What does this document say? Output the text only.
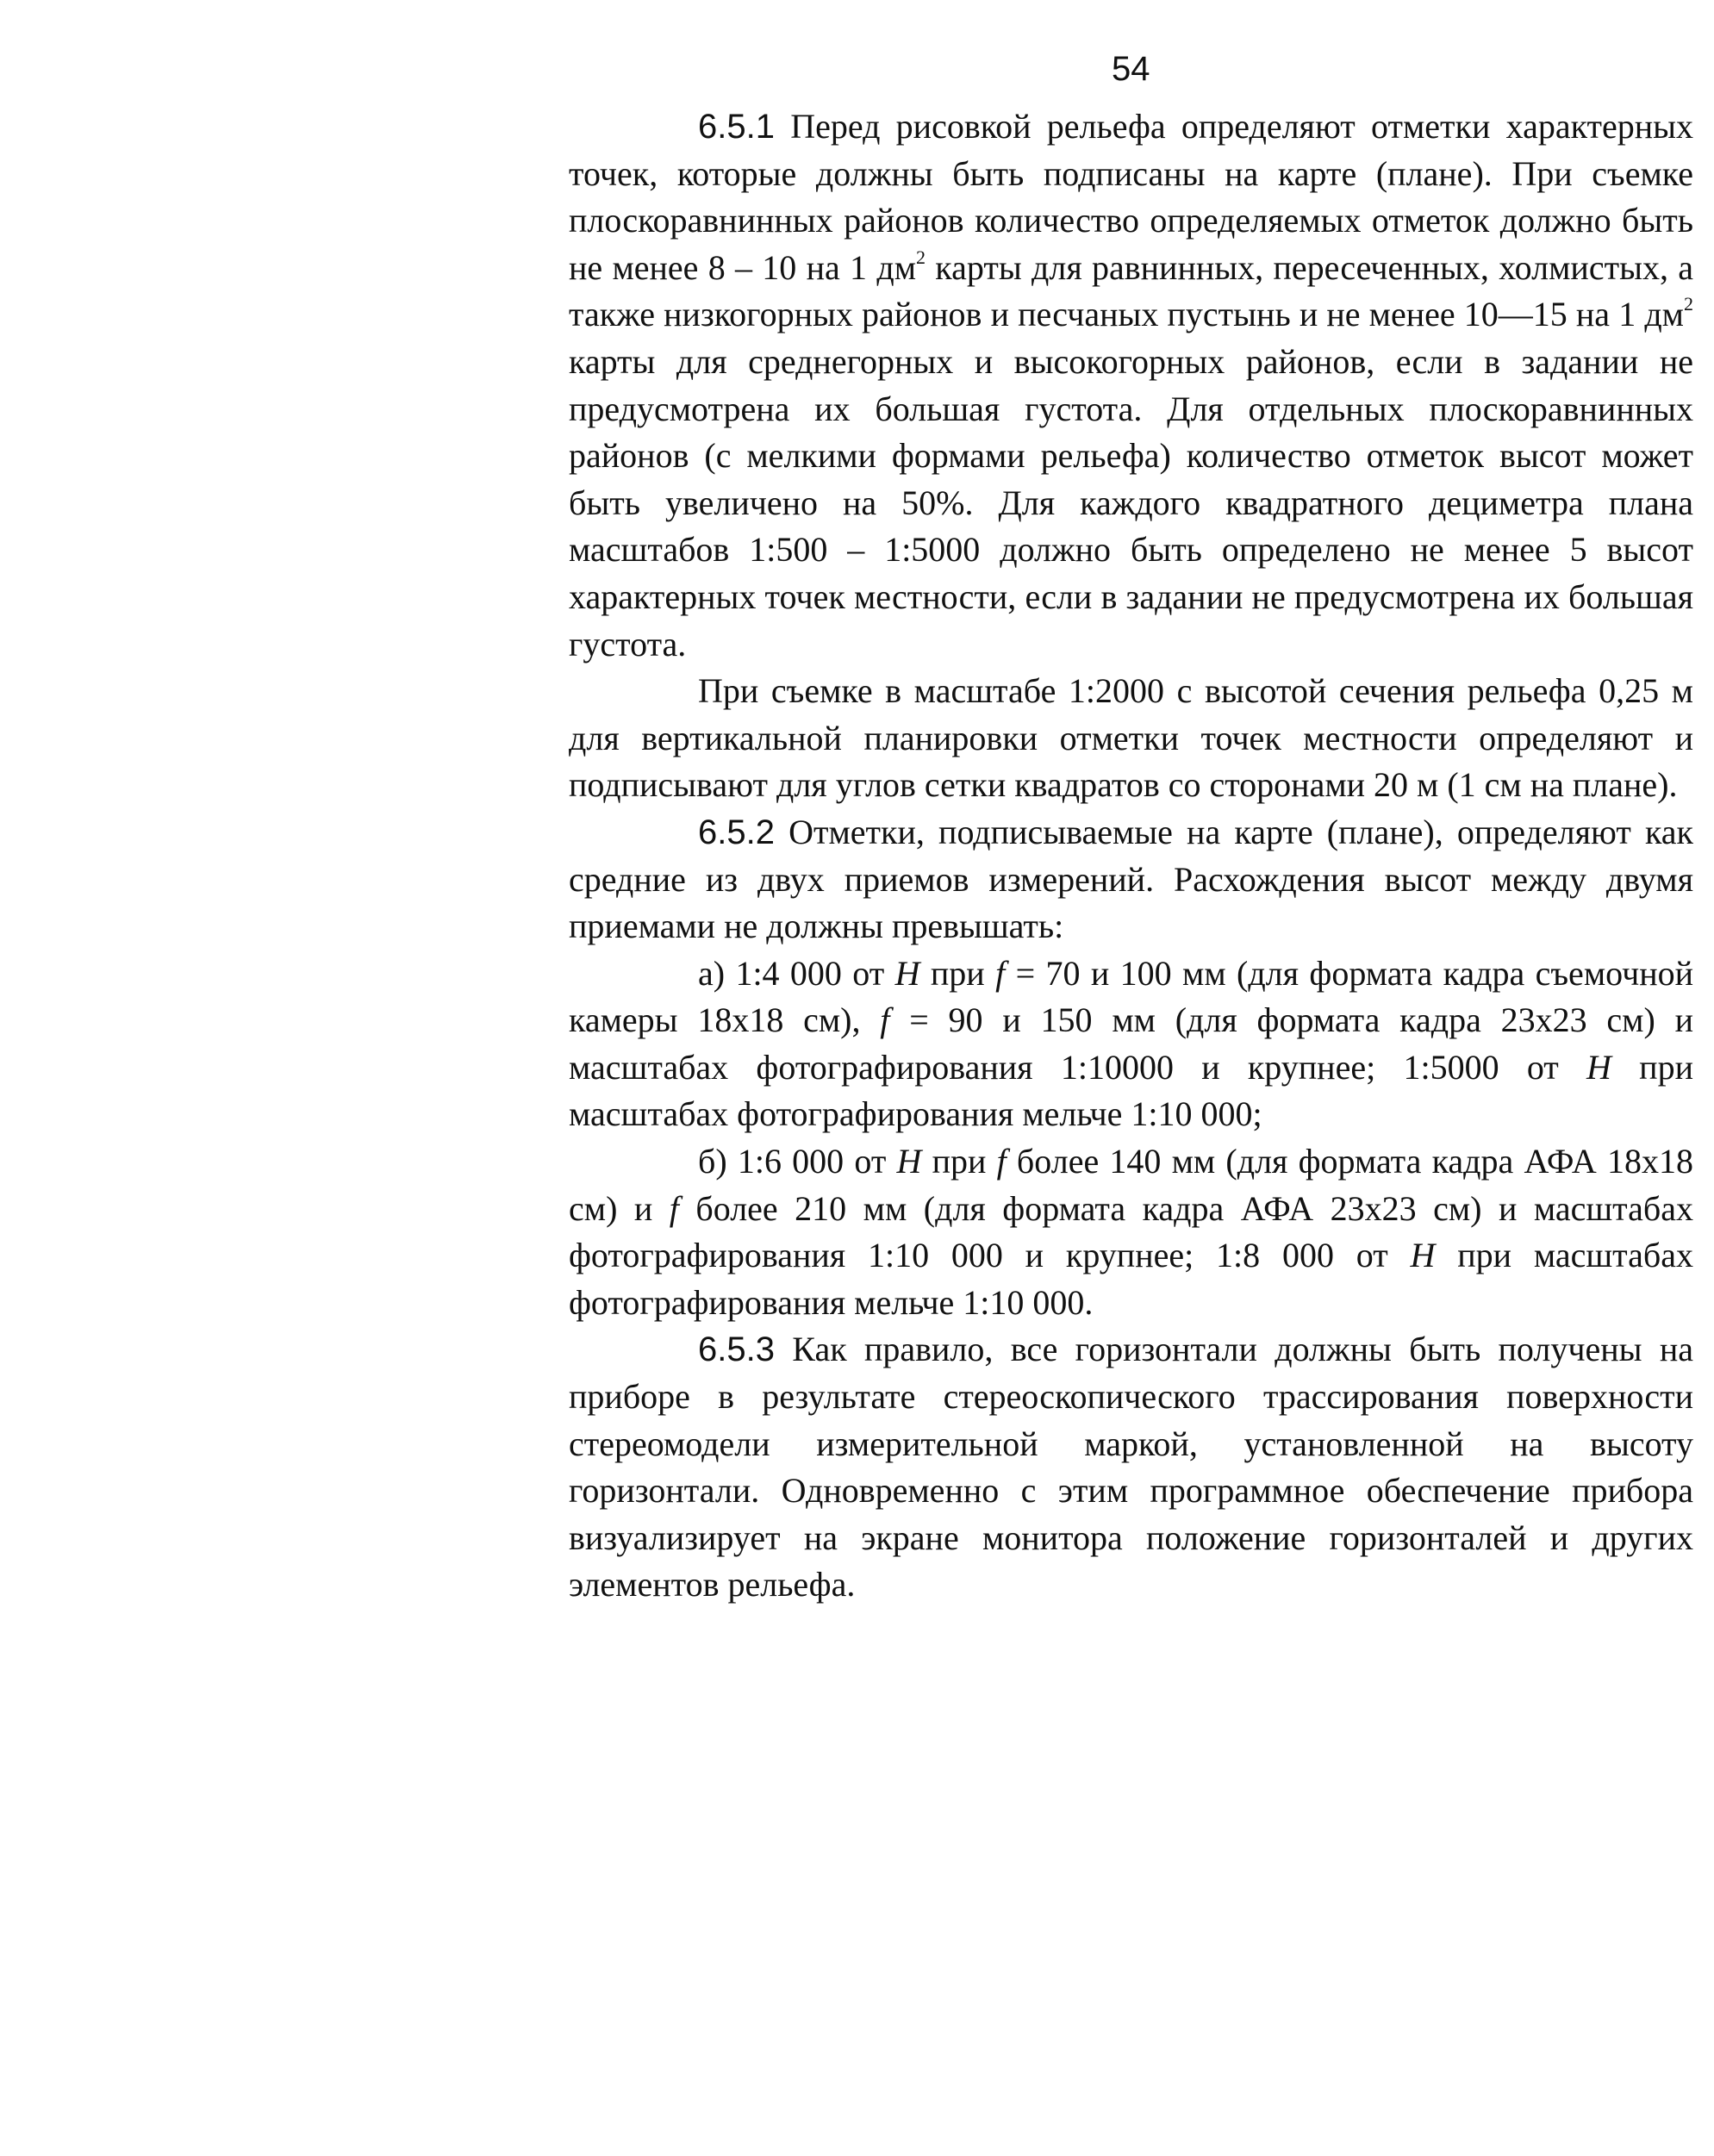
54

6.5.1 Перед рисовкой рельефа определяют отметки характерных точек, которые должны быть подписаны на карте (плане). При съемке плоскоравнинных районов количество определяемых отметок должно быть не менее 8 – 10 на 1 $дм^2$ карты для равнинных, пересеченных, холмистых, а также низкогорных районов и песчаных пустынь и не менее 10—15 на 1 $дм^2$ карты для среднегорных и высокогорных районов, если в задании не предусмотрена их большая густота. Для отдельных плоскоравнинных районов (с мелкими формами рельефа) количество отметок высот может быть увеличено на 50%. Для каждого квадратного дециметра плана масштабов 1:500 – 1:5000 должно быть определено не менее 5 высот характерных точек местности, если в задании не предусмотрена их большая густота.

При съемке в масштабе 1:2000 с высотой сечения рельефа 0,25 м для вертикальной планировки отметки точек местности определяют и подписывают для углов сетки квадратов со сторонами 20 м (1 см на плане).

6.5.2 Отметки, подписываемые на карте (плане), определяют как средние из двух приемов измерений. Расхождения высот между двумя приемами не должны превышать:

а) 1:4 000 от H при f = 70 и 100 мм (для формата кадра съемочной камеры 18х18 см), f = 90 и 150 мм (для формата кадра 23х23 см) и масштабах фотографирования 1:10000 и крупнее; 1:5000 от H при масштабах фотографирования мельче 1:10 000;

б) 1:6 000 от H при f более 140 мм (для формата кадра АФА 18х18 см) и f более 210 мм (для формата кадра АФА 23х23 см) и масштабах фотографирования 1:10 000 и крупнее; 1:8 000 от H при масштабах фотографирования мельче 1:10 000.

6.5.3 Как правило, все горизонтали должны быть получены на приборе в результате стереоскопического трассирования поверхности стереомодели измерительной маркой, установленной на высоту горизонтали. Одновременно с этим программное обеспечение прибора визуализирует на экране монитора положение горизонталей и других элементов рельефа.
